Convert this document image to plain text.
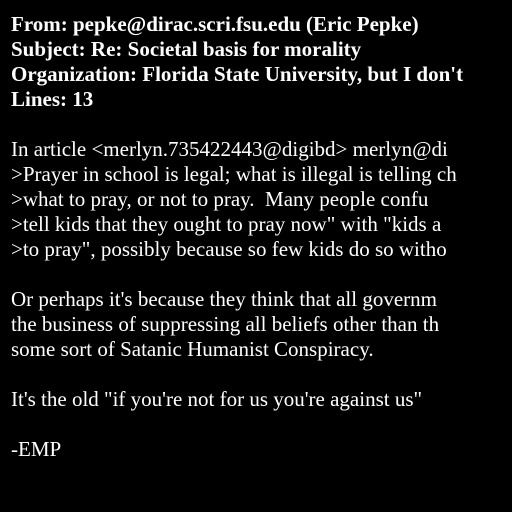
From: pepke@dirac.scri.fsu.edu (Eric Pepke)
Subject: Re: Societal basis for morality
Organization: Florida State University, but I don't
Lines: 13
In article <merlyn.735422443@digibd> merlyn@di
>Prayer in school is legal; what is illegal is telling ch
>what to pray, or not to pray.  Many people confu
>tell kids that they ought to pray now" with "kids a
>to pray", possibly because so few kids do so witho
Or perhaps it's because they think that all governm
the business of suppressing all beliefs other than th
some sort of Satanic Humanist Conspiracy.
It's the old "if you're not for us you're against us"
-EMP
